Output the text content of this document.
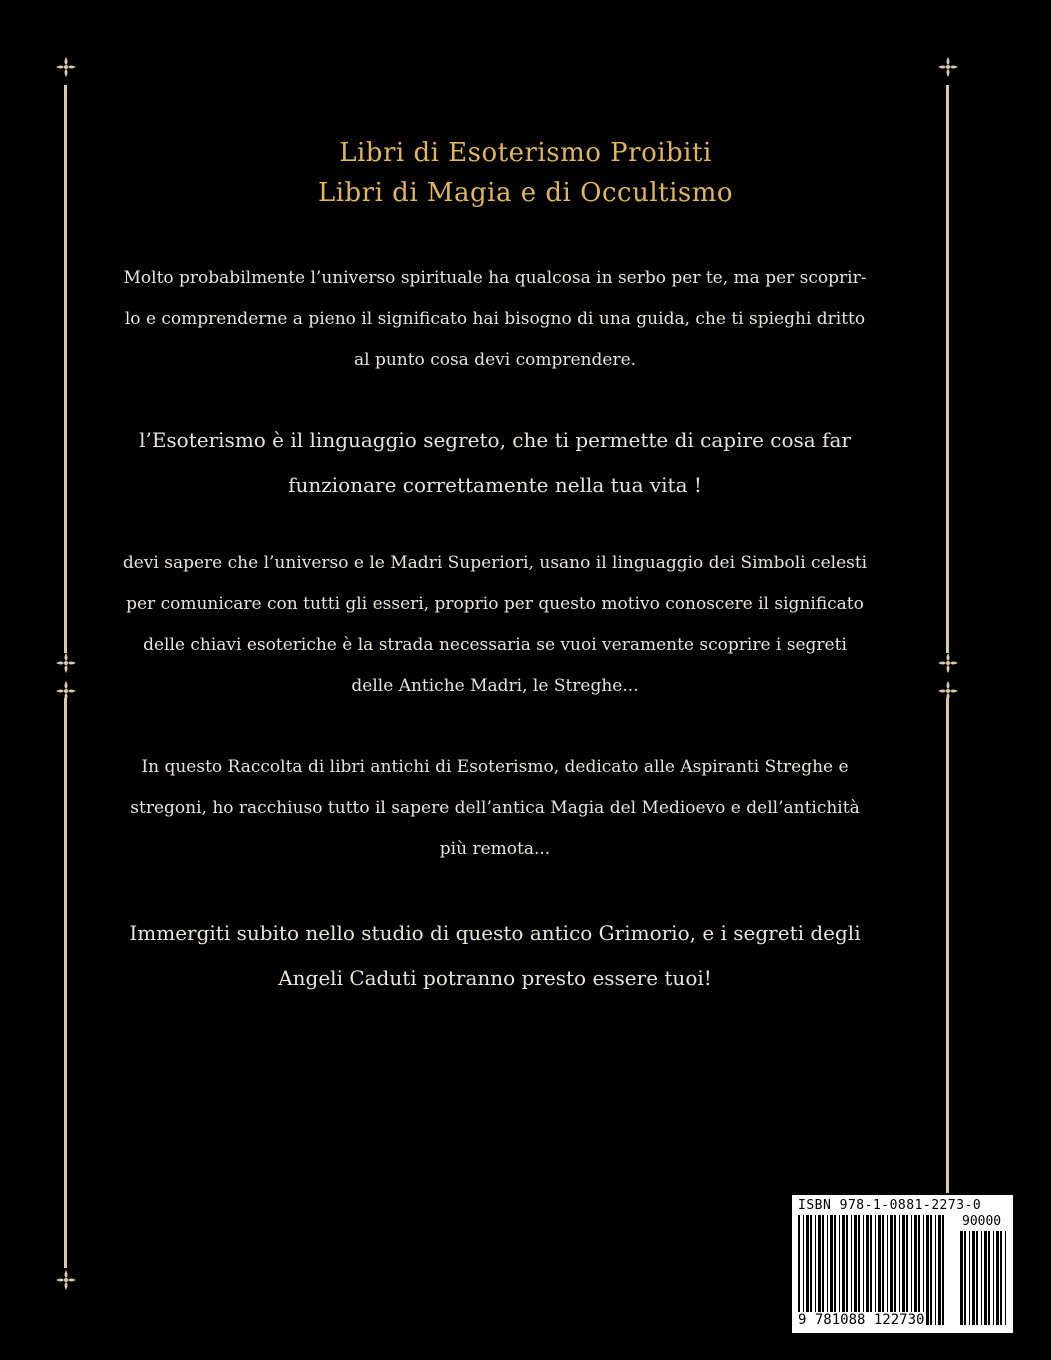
Libri di Esoterismo Proibiti
Libri di Magia e di Occultismo
Molto probabilmente l’universo spirituale ha qualcosa in serbo per te, ma per scoprir-
lo e comprenderne a pieno il significato hai bisogno di una guida, che ti spieghi dritto
al punto cosa devi comprendere.
l’Esoterismo è il linguaggio segreto, che ti permette di capire cosa far
funzionare correttamente nella tua vita !
devi sapere che l’universo e le Madri Superiori, usano il linguaggio dei Simboli celesti
per comunicare con tutti gli esseri, proprio per questo motivo conoscere il significato
delle chiavi esoteriche è la strada necessaria se vuoi veramente scoprire i segreti
delle Antiche Madri, le Streghe...
In questo Raccolta di libri antichi di Esoterismo, dedicato alle Aspiranti Streghe e
stregoni, ho racchiuso tutto il sapere dell’antica Magia del Medioevo e dell’antichità
più remota...
Immergiti subito nello studio di questo antico Grimorio, e i segreti degli
Angeli Caduti potranno presto essere tuoi!
ISBN 978-1-0881-2273-0
90000
9 781088 122730
